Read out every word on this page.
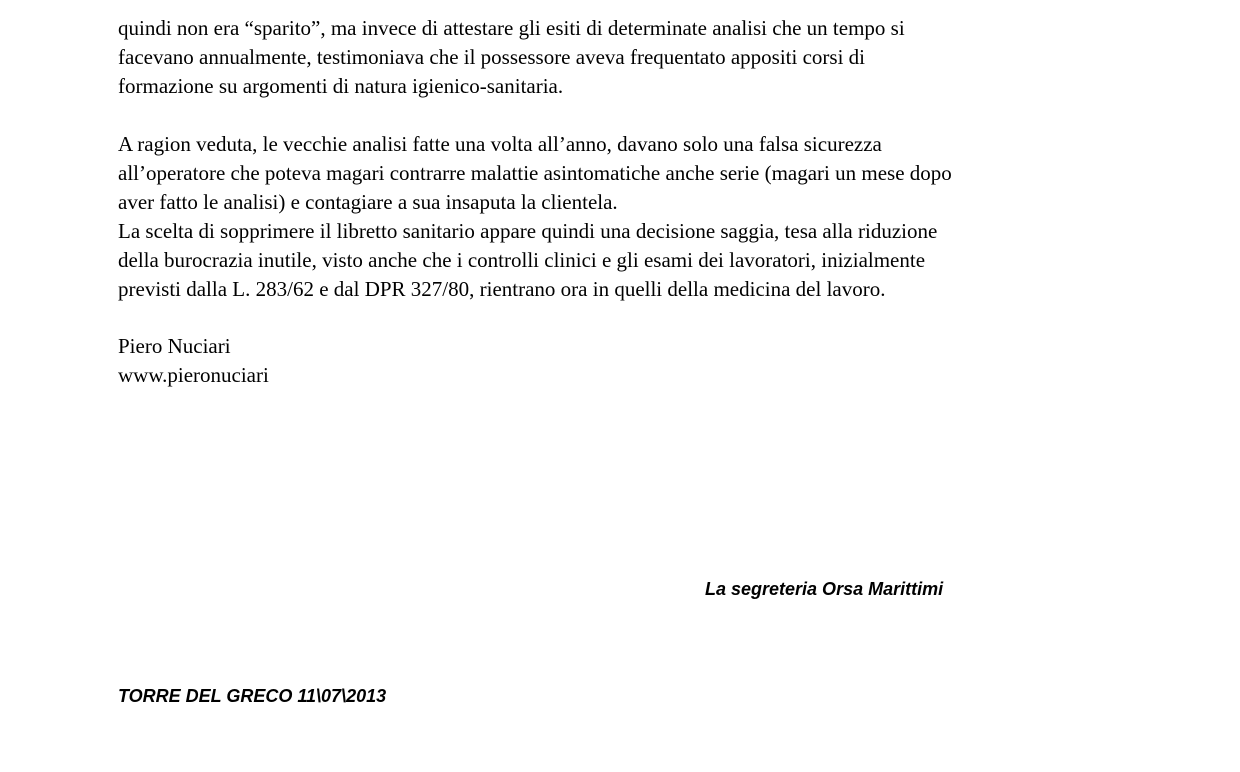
quindi non era “sparito”, ma invece di attestare gli esiti di determinate analisi che un tempo si
facevano annualmente, testimoniava che il possessore aveva frequentato appositi corsi di
formazione su argomenti di natura igienico-sanitaria.
A ragion veduta, le vecchie analisi fatte una volta all’anno, davano solo una falsa sicurezza
all’operatore che poteva magari contrarre malattie asintomatiche anche serie (magari un mese dopo
aver fatto le analisi) e contagiare a sua insaputa la clientela.
La scelta di sopprimere il libretto sanitario appare quindi una decisione saggia, tesa alla riduzione
della burocrazia inutile, visto anche che i controlli clinici e gli esami dei lavoratori, inizialmente
previsti dalla L. 283/62 e dal DPR 327/80, rientrano ora in quelli della medicina del lavoro.
Piero Nuciari
www.pieronuciari
La segreteria Orsa Marittimi
TORRE DEL GRECO 11\07\2013
